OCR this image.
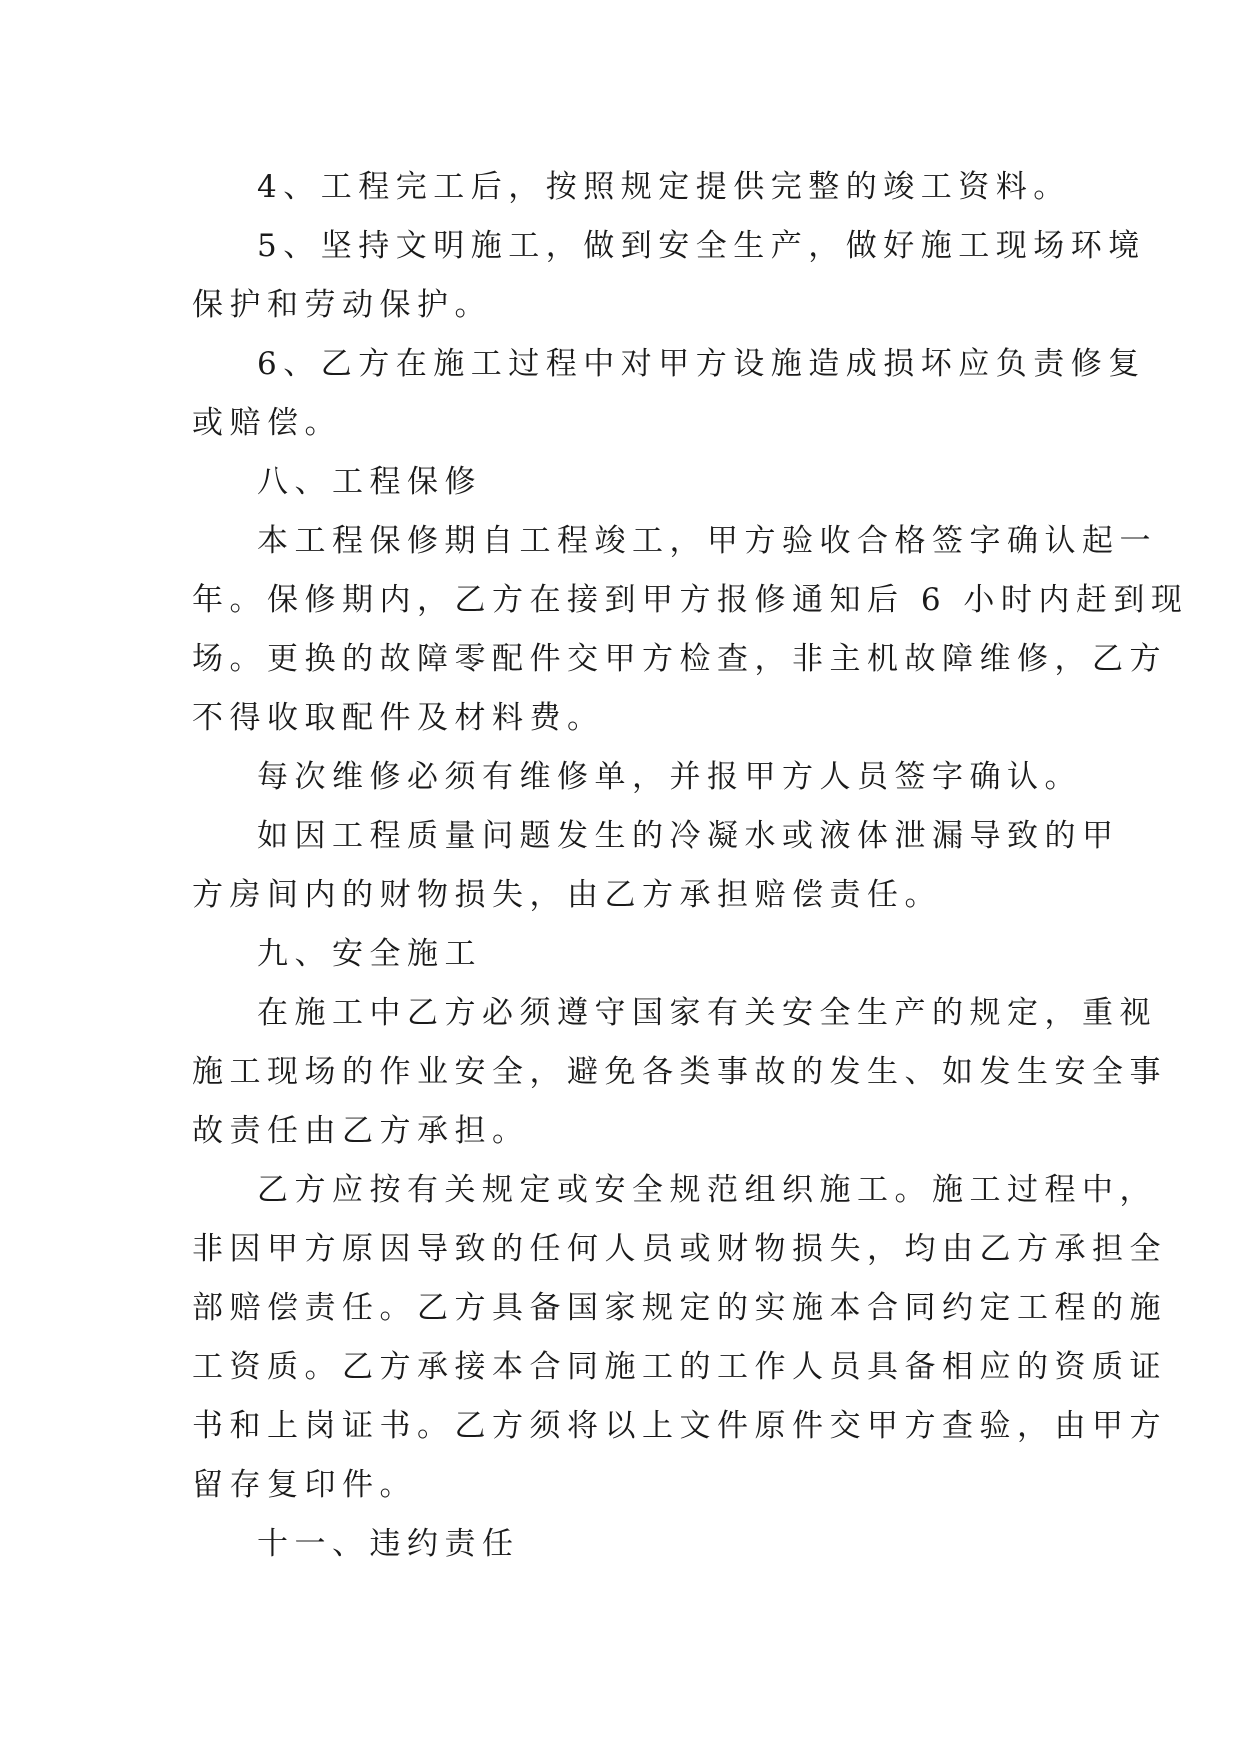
4、工程完工后，按照规定提供完整的竣工资料。
5、坚持文明施工，做到安全生产，做好施工现场环境
保护和劳动保护。
6、乙方在施工过程中对甲方设施造成损坏应负责修复
或赔偿。
八、工程保修
本工程保修期自工程竣工，甲方验收合格签字确认起一
年。保修期内，乙方在接到甲方报修通知后 6 小时内赶到现
场。更换的故障零配件交甲方检查，非主机故障维修，乙方
不得收取配件及材料费。
每次维修必须有维修单，并报甲方人员签字确认。
如因工程质量问题发生的冷凝水或液体泄漏导致的甲
方房间内的财物损失，由乙方承担赔偿责任。
九、安全施工
在施工中乙方必须遵守国家有关安全生产的规定，重视
施工现场的作业安全，避免各类事故的发生、如发生安全事
故责任由乙方承担。
乙方应按有关规定或安全规范组织施工。施工过程中，
非因甲方原因导致的任何人员或财物损失，均由乙方承担全
部赔偿责任。乙方具备国家规定的实施本合同约定工程的施
工资质。乙方承接本合同施工的工作人员具备相应的资质证
书和上岗证书。乙方须将以上文件原件交甲方查验，由甲方
留存复印件。
十一、违约责任
